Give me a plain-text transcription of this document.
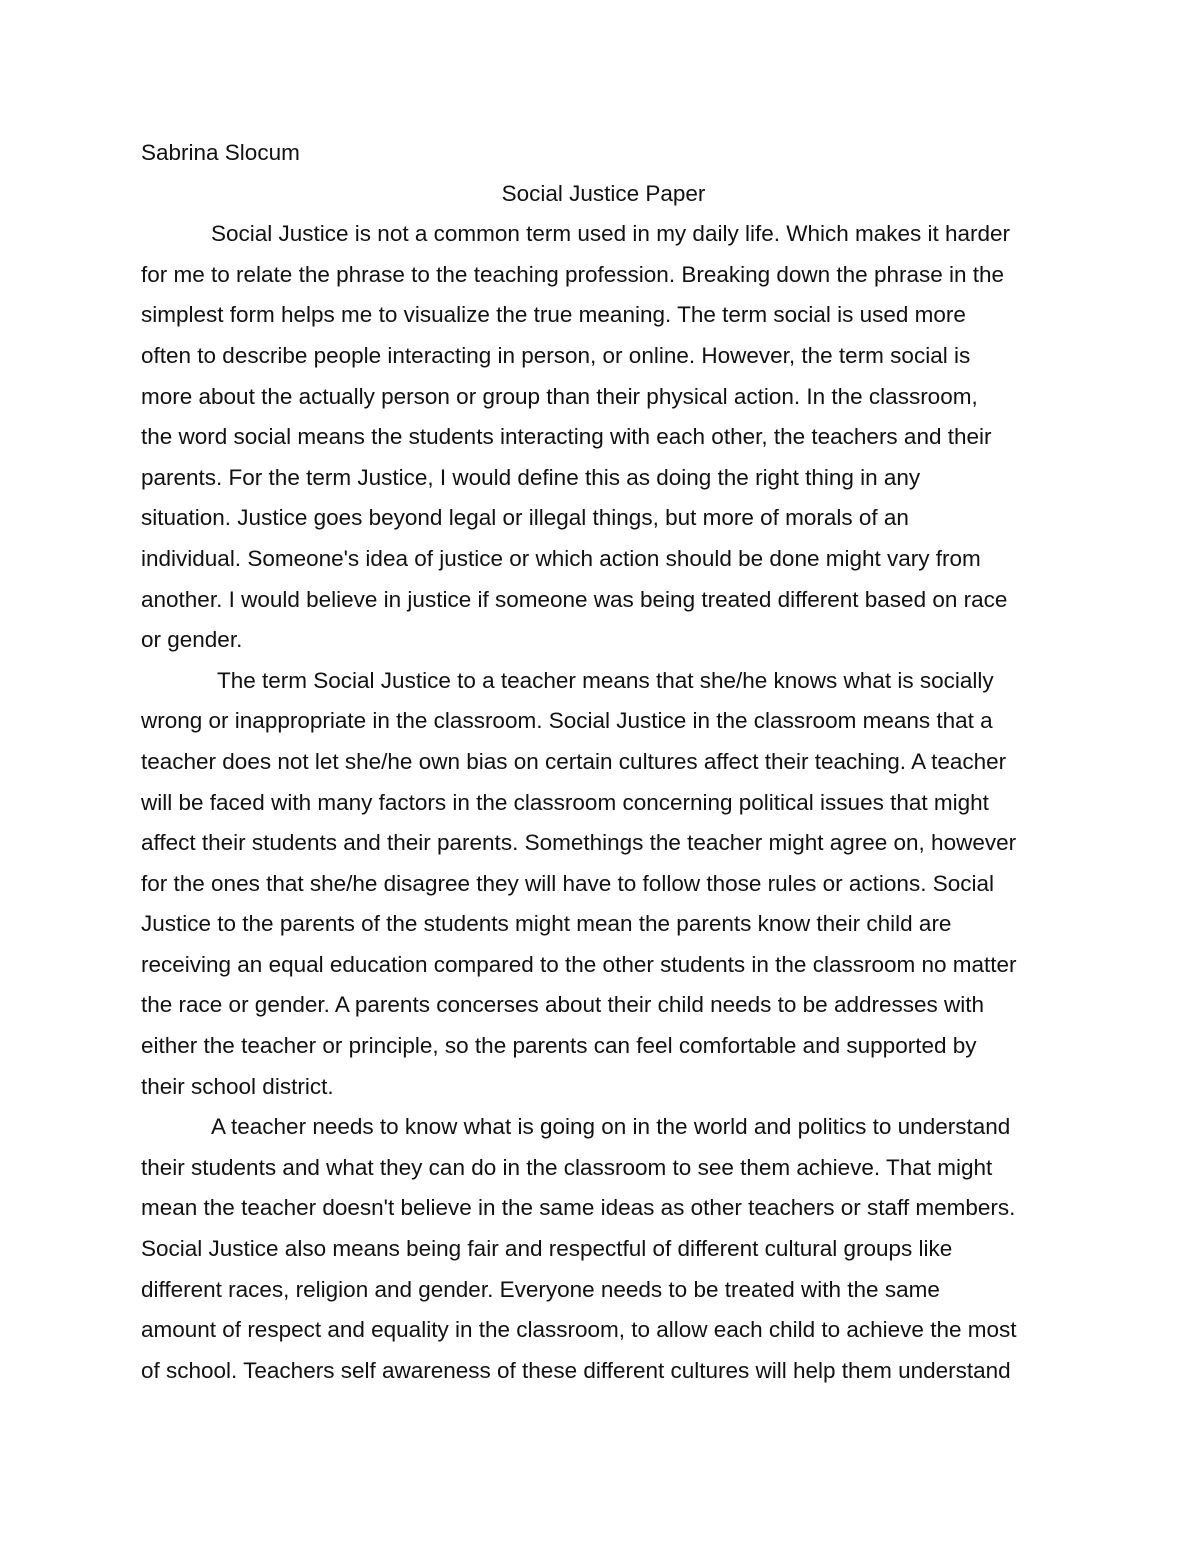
Sabrina Slocum
Social Justice Paper
Social Justice is not a common term used in my daily life. Which makes it harder
for me to relate the phrase to the teaching profession. Breaking down the phrase in the
simplest form helps me to visualize the true meaning. The term social is used more
often to describe people interacting in person, or online. However, the term social is
more about the actually person or group than their physical action. In the classroom,
the word social means the students interacting with each other, the teachers and their
parents. For the term Justice, I would define this as doing the right thing in any
situation. Justice goes beyond legal or illegal things, but more of morals of an
individual. Someone's idea of justice or which action should be done might vary from
another. I would believe in justice if someone was being treated different based on race
or gender.
The term Social Justice to a teacher means that she/he knows what is socially
wrong or inappropriate in the classroom. Social Justice in the classroom means that a
teacher does not let she/he own bias on certain cultures affect their teaching. A teacher
will be faced with many factors in the classroom concerning political issues that might
affect their students and their parents. Somethings the teacher might agree on, however
for the ones that she/he disagree they will have to follow those rules or actions. Social
Justice to the parents of the students might mean the parents know their child are
receiving an equal education compared to the other students in the classroom no matter
the race or gender. A parents concerses about their child needs to be addresses with
either the teacher or principle, so the parents can feel comfortable and supported by
their school district.
A teacher needs to know what is going on in the world and politics to understand
their students and what they can do in the classroom to see them achieve. That might
mean the teacher doesn't believe in the same ideas as other teachers or staff members.
Social Justice also means being fair and respectful of different cultural groups like
different races, religion and gender. Everyone needs to be treated with the same
amount of respect and equality in the classroom, to allow each child to achieve the most
of school. Teachers self awareness of these different cultures will help them understand
